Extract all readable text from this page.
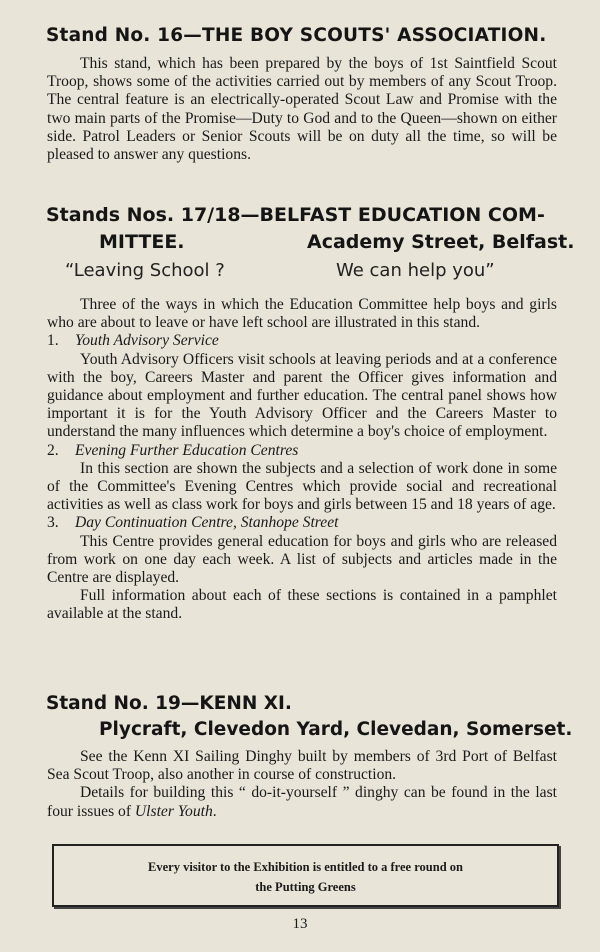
Stand No. 16—THE BOY SCOUTS' ASSOCIATION.

This stand, which has been prepared by the boys of 1st Saintfield Scout Troop, shows some of the activities carried out by members of any Scout Troop. The central feature is an electrically-operated Scout Law and Promise with the two main parts of the Promise—Duty to God and to the Queen—shown on either side. Patrol Leaders or Senior Scouts will be on duty all the time, so will be pleased to answer any questions.

Stands Nos. 17/18—BELFAST EDUCATION COM-
MITTEE.	Academy Street, Belfast.
“Leaving School ?	We can help you”

Three of the ways in which the Education Committee help boys and girls who are about to leave or have left school are illustrated in this stand.

1. Youth Advisory Service

Youth Advisory Officers visit schools at leaving periods and at a conference with the boy, Careers Master and parent the Officer gives information and guidance about employment and further education. The central panel shows how important it is for the Youth Advisory Officer and the Careers Master to understand the many influences which determine a boy's choice of employment.

2. Evening Further Education Centres

In this section are shown the subjects and a selection of work done in some of the Committee's Evening Centres which provide social and recreational activities as well as class work for boys and girls between 15 and 18 years of age.

3. Day Continuation Centre, Stanhope Street

This Centre provides general education for boys and girls who are released from work on one day each week. A list of subjects and articles made in the Centre are displayed.

Full information about each of these sections is contained in a pamphlet available at the stand.

Stand No. 19—KENN XI.
Plycraft, Clevedon Yard, Clevedan, Somerset.

See the Kenn XI Sailing Dinghy built by members of 3rd Port of Belfast Sea Scout Troop, also another in course of construction.

Details for building this “ do-it-yourself ” dinghy can be found in the last four issues of Ulster Youth.

Every visitor to the Exhibition is entitled to a free round on
the Putting Greens
13
